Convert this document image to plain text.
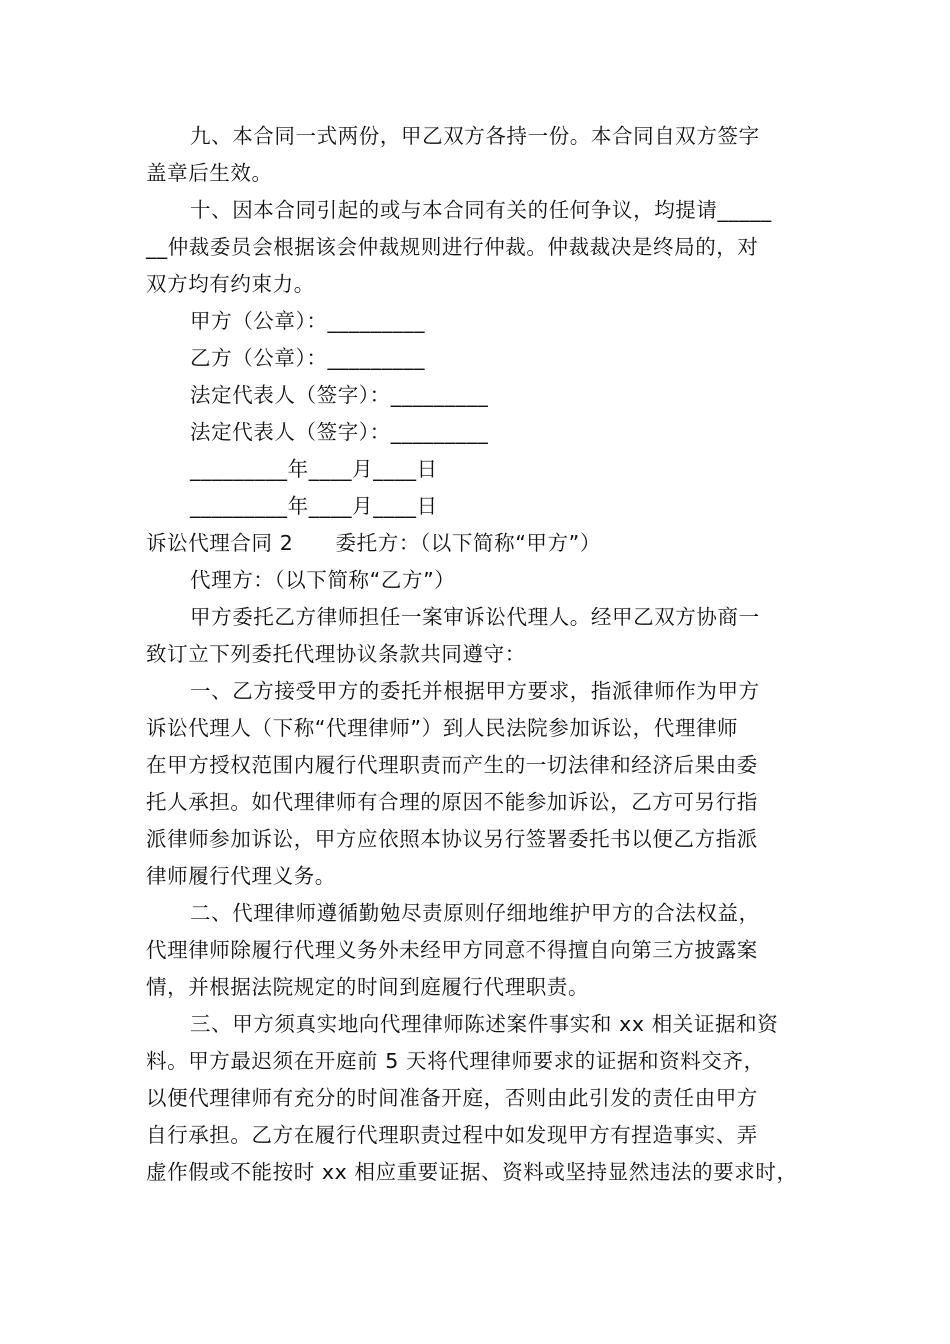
九、本合同一式两份，甲乙双方各持一份。本合同自双方签字
盖章后生效。
十、因本合同引起的或与本合同有关的任何争议，均提请_____
__仲裁委员会根据该会仲裁规则进行仲裁。仲裁裁决是终局的，对
双方均有约束力。
甲方（公章）：_________
乙方（公章）：_________
法定代表人（签字）：_________
法定代表人（签字）：_________
_________年____月____日
_________年____月____日
诉讼代理合同 2　　委托方：（以下简称“甲方”）
代理方：（以下简称“乙方”）
甲方委托乙方律师担任一案审诉讼代理人。经甲乙双方协商一
致订立下列委托代理协议条款共同遵守：
一、乙方接受甲方的委托并根据甲方要求，指派律师作为甲方
诉讼代理人（下称“代理律师”）到人民法院参加诉讼，代理律师
在甲方授权范围内履行代理职责而产生的一切法律和经济后果由委
托人承担。如代理律师有合理的原因不能参加诉讼，乙方可另行指
派律师参加诉讼，甲方应依照本协议另行签署委托书以便乙方指派
律师履行代理义务。
二、代理律师遵循勤勉尽责原则仔细地维护甲方的合法权益，
代理律师除履行代理义务外未经甲方同意不得擅自向第三方披露案
情，并根据法院规定的时间到庭履行代理职责。
三、甲方须真实地向代理律师陈述案件事实和 xx 相关证据和资
料。甲方最迟须在开庭前 5 天将代理律师要求的证据和资料交齐，
以便代理律师有充分的时间准备开庭，否则由此引发的责任由甲方
自行承担。乙方在履行代理职责过程中如发现甲方有捏造事实、弄
虚作假或不能按时 xx 相应重要证据、资料或坚持显然违法的要求时，
